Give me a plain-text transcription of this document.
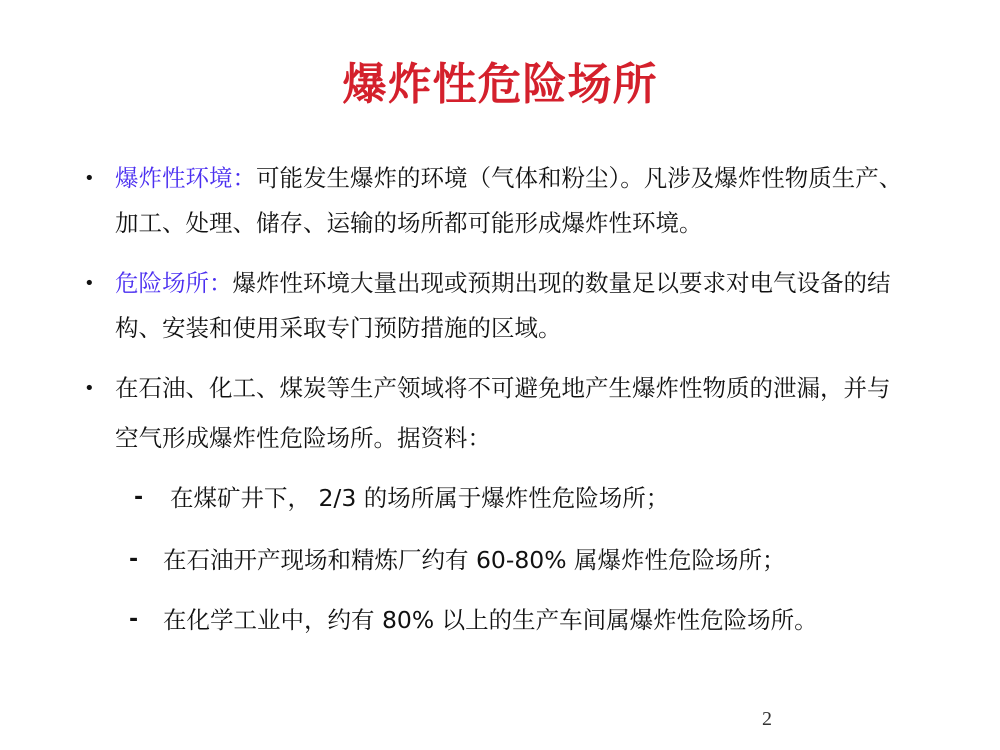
爆炸性危险场所
• 爆炸性环境：可能发生爆炸的环境（气体和粉尘）。凡涉及爆炸性物质生产、
加工、处理、储存、运输的场所都可能形成爆炸性环境。
• 危险场所：爆炸性环境大量出现或预期出现的数量足以要求对电气设备的结
构、安装和使用采取专门预防措施的区域。
• 在石油、化工、煤炭等生产领域将不可避免地产生爆炸性物质的泄漏，并与
空气形成爆炸性危险场所。据资料：
- 在煤矿井下， 2/3 的场所属于爆炸性危险场所；
- 在石油开产现场和精炼厂约有 60-80% 属爆炸性危险场所；
- 在化学工业中，约有 80% 以上的生产车间属爆炸性危险场所。
2
